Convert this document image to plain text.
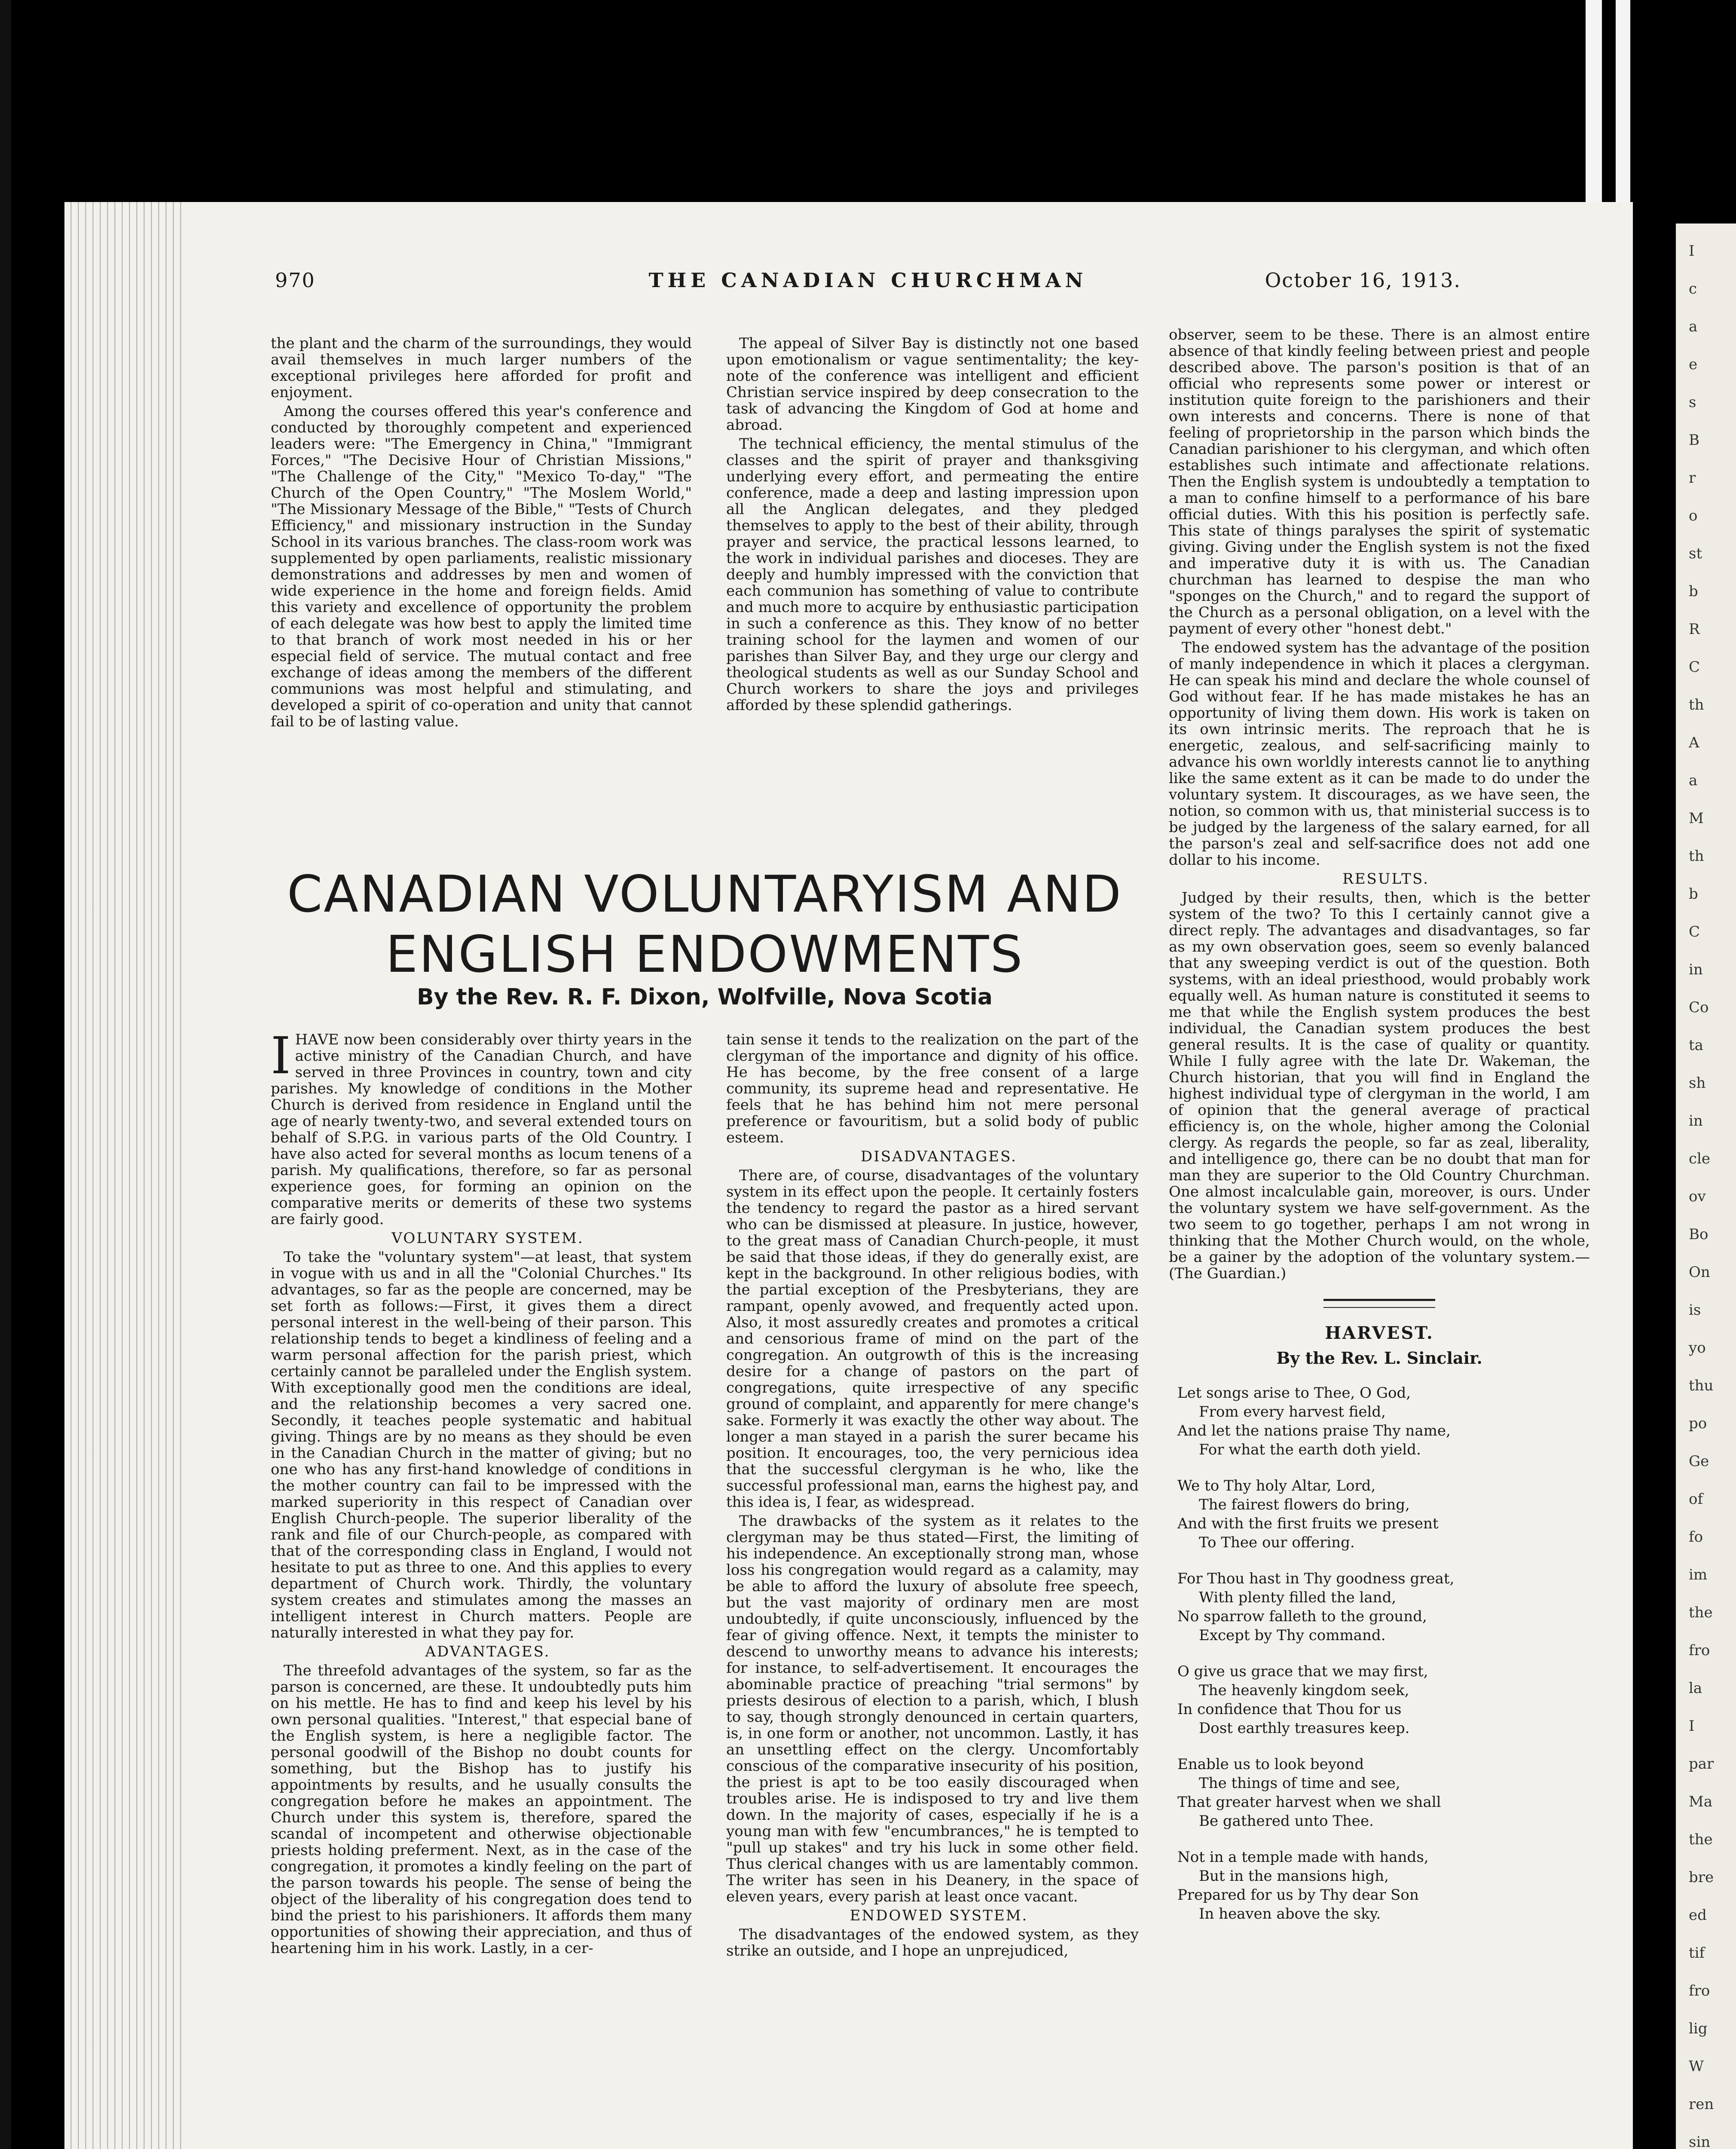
I
c
a
e
s
B
r
o
st
b
R
C
th
A
a
M
th
b
C
in
Co
ta
sh
in
cle
ov
Bo
On
is
yo
thu
po
Ge
of
fo
im
the
fro
la
I
par
Ma
the
bre
ed
tif
fro
lig
W
ren
sin
970	THE CANADIAN CHURCHMAN	October 16, 1913.

the plant and the charm of the surroundings, they would avail themselves in much larger numbers of the exceptional privileges here afforded for profit and enjoyment.

Among the courses offered this year's conference and conducted by thoroughly competent and experienced leaders were: "The Emergency in China," "Immigrant Forces," "The Decisive Hour of Christian Missions," "The Challenge of the City," "Mexico To-day," "The Church of the Open Country," "The Moslem World," "The Missionary Message of the Bible," "Tests of Church Efficiency," and missionary instruction in the Sunday School in its various branches. The class-room work was supplemented by open parliaments, realistic missionary demonstrations and addresses by men and women of wide experience in the home and foreign fields. Amid this variety and excellence of opportunity the problem of each delegate was how best to apply the limited time to that branch of work most needed in his or her especial field of service. The mutual contact and free exchange of ideas among the members of the different communions was most helpful and stimulating, and developed a spirit of co-operation and unity that cannot fail to be of lasting value.

The appeal of Silver Bay is distinctly not one based upon emotionalism or vague sentimentality; the key-note of the conference was intelligent and efficient Christian service inspired by deep consecration to the task of advancing the Kingdom of God at home and abroad.

The technical efficiency, the mental stimulus of the classes and the spirit of prayer and thanksgiving underlying every effort, and permeating the entire conference, made a deep and lasting impression upon all the Anglican delegates, and they pledged themselves to apply to the best of their ability, through prayer and service, the practical lessons learned, to the work in individual parishes and dioceses. They are deeply and humbly impressed with the conviction that each communion has something of value to contribute and much more to acquire by enthusiastic participation in such a conference as this. They know of no better training school for the laymen and women of our parishes than Silver Bay, and they urge our clergy and theological students as well as our Sunday School and Church workers to share the joys and privileges afforded by these splendid gatherings.

CANADIAN VOLUNTARYISM AND ENGLISH ENDOWMENTS
By the Rev. R. F. Dixon, Wolfville, Nova Scotia

IHAVE now been considerably over thirty years in the active ministry of the Canadian Church, and have served in three Provinces in country, town and city parishes. My knowledge of conditions in the Mother Church is derived from residence in England until the age of nearly twenty-two, and several extended tours on behalf of S.P.G. in various parts of the Old Country. I have also acted for several months as locum tenens of a parish. My qualifications, therefore, so far as personal experience goes, for forming an opinion on the comparative merits or demerits of these two systems are fairly good.

VOLUNTARY SYSTEM.

To take the "voluntary system"—at least, that system in vogue with us and in all the "Colonial Churches." Its advantages, so far as the people are concerned, may be set forth as follows:—First, it gives them a direct personal interest in the well-being of their parson. This relationship tends to beget a kindliness of feeling and a warm personal affection for the parish priest, which certainly cannot be paralleled under the English system. With exceptionally good men the conditions are ideal, and the relationship becomes a very sacred one. Secondly, it teaches people systematic and habitual giving. Things are by no means as they should be even in the Canadian Church in the matter of giving; but no one who has any first-hand knowledge of conditions in the mother country can fail to be impressed with the marked superiority in this respect of Canadian over English Church-people. The superior liberality of the rank and file of our Church-people, as compared with that of the corresponding class in England, I would not hesitate to put as three to one. And this applies to every department of Church work. Thirdly, the voluntary system creates and stimulates among the masses an intelligent interest in Church matters. People are naturally interested in what they pay for.

ADVANTAGES.

The threefold advantages of the system, so far as the parson is concerned, are these. It undoubtedly puts him on his mettle. He has to find and keep his level by his own personal qualities. "Interest," that especial bane of the English system, is here a negligible factor. The personal goodwill of the Bishop no doubt counts for something, but the Bishop has to justify his appointments by results, and he usually consults the congregation before he makes an appointment. The Church under this system is, therefore, spared the scandal of incompetent and otherwise objectionable priests holding preferment. Next, as in the case of the congregation, it promotes a kindly feeling on the part of the parson towards his people. The sense of being the object of the liberality of his congregation does tend to bind the priest to his parishioners. It affords them many opportunities of showing their appreciation, and thus of heartening him in his work. Lastly, in a cer-

tain sense it tends to the realization on the part of the clergyman of the importance and dignity of his office. He has become, by the free consent of a large community, its supreme head and representative. He feels that he has behind him not mere personal preference or favouritism, but a solid body of public esteem.

DISADVANTAGES.

There are, of course, disadvantages of the voluntary system in its effect upon the people. It certainly fosters the tendency to regard the pastor as a hired servant who can be dismissed at pleasure. In justice, however, to the great mass of Canadian Church-people, it must be said that those ideas, if they do generally exist, are kept in the background. In other religious bodies, with the partial exception of the Presbyterians, they are rampant, openly avowed, and frequently acted upon. Also, it most assuredly creates and promotes a critical and censorious frame of mind on the part of the congregation. An outgrowth of this is the increasing desire for a change of pastors on the part of congregations, quite irrespective of any specific ground of complaint, and apparently for mere change's sake. Formerly it was exactly the other way about. The longer a man stayed in a parish the surer became his position. It encourages, too, the very pernicious idea that the successful clergyman is he who, like the successful professional man, earns the highest pay, and this idea is, I fear, as widespread.

The drawbacks of the system as it relates to the clergyman may be thus stated—First, the limiting of his independence. An exceptionally strong man, whose loss his congregation would regard as a calamity, may be able to afford the luxury of absolute free speech, but the vast majority of ordinary men are most undoubtedly, if quite unconsciously, influenced by the fear of giving offence. Next, it tempts the minister to descend to unworthy means to advance his interests; for instance, to self-advertisement. It encourages the abominable practice of preaching "trial sermons" by priests desirous of election to a parish, which, I blush to say, though strongly denounced in certain quarters, is, in one form or another, not uncommon. Lastly, it has an unsettling effect on the clergy. Uncomfortably conscious of the comparative insecurity of his position, the priest is apt to be too easily discouraged when troubles arise. He is indisposed to try and live them down. In the majority of cases, especially if he is a young man with few "encumbrances," he is tempted to "pull up stakes" and try his luck in some other field. Thus clerical changes with us are lamentably common. The writer has seen in his Deanery, in the space of eleven years, every parish at least once vacant.

ENDOWED SYSTEM.

The disadvantages of the endowed system, as they strike an outside, and I hope an unprejudiced,

observer, seem to be these. There is an almost entire absence of that kindly feeling between priest and people described above. The parson's position is that of an official who represents some power or interest or institution quite foreign to the parishioners and their own interests and concerns. There is none of that feeling of proprietorship in the parson which binds the Canadian parishioner to his clergyman, and which often establishes such intimate and affectionate relations. Then the English system is undoubtedly a temptation to a man to confine himself to a performance of his bare official duties. With this his position is perfectly safe. This state of things paralyses the spirit of systematic giving. Giving under the English system is not the fixed and imperative duty it is with us. The Canadian churchman has learned to despise the man who "sponges on the Church," and to regard the support of the Church as a personal obligation, on a level with the payment of every other "honest debt."

The endowed system has the advantage of the position of manly independence in which it places a clergyman. He can speak his mind and declare the whole counsel of God without fear. If he has made mistakes he has an opportunity of living them down. His work is taken on its own intrinsic merits. The reproach that he is energetic, zealous, and self-sacrificing mainly to advance his own worldly interests cannot lie to anything like the same extent as it can be made to do under the voluntary system. It discourages, as we have seen, the notion, so common with us, that ministerial success is to be judged by the largeness of the salary earned, for all the parson's zeal and self-sacrifice does not add one dollar to his income.

RESULTS.

Judged by their results, then, which is the better system of the two? To this I certainly cannot give a direct reply. The advantages and disadvantages, so far as my own observation goes, seem so evenly balanced that any sweeping verdict is out of the question. Both systems, with an ideal priesthood, would probably work equally well. As human nature is constituted it seems to me that while the English system produces the best individual, the Canadian system produces the best general results. It is the case of quality or quantity. While I fully agree with the late Dr. Wakeman, the Church historian, that you will find in England the highest individual type of clergyman in the world, I am of opinion that the general average of practical efficiency is, on the whole, higher among the Colonial clergy. As regards the people, so far as zeal, liberality, and intelligence go, there can be no doubt that man for man they are superior to the Old Country Churchman. One almost incalculable gain, moreover, is ours. Under the voluntary system we have self-government. As the two seem to go together, perhaps I am not wrong in thinking that the Mother Church would, on the whole, be a gainer by the adoption of the voluntary system.—(The Guardian.)

HARVEST.
By the Rev. L. Sinclair.
Let songs arise to Thee, O God,
From every harvest field,
And let the nations praise Thy name,
For what the earth doth yield.
We to Thy holy Altar, Lord,
The fairest flowers do bring,
And with the first fruits we present
To Thee our offering.
For Thou hast in Thy goodness great,
With plenty filled the land,
No sparrow falleth to the ground,
Except by Thy command.
O give us grace that we may first,
The heavenly kingdom seek,
In confidence that Thou for us
Dost earthly treasures keep.
Enable us to look beyond
The things of time and see,
That greater harvest when we shall
Be gathered unto Thee.
Not in a temple made with hands,
But in the mansions high,
Prepared for us by Thy dear Son
In heaven above the sky.
